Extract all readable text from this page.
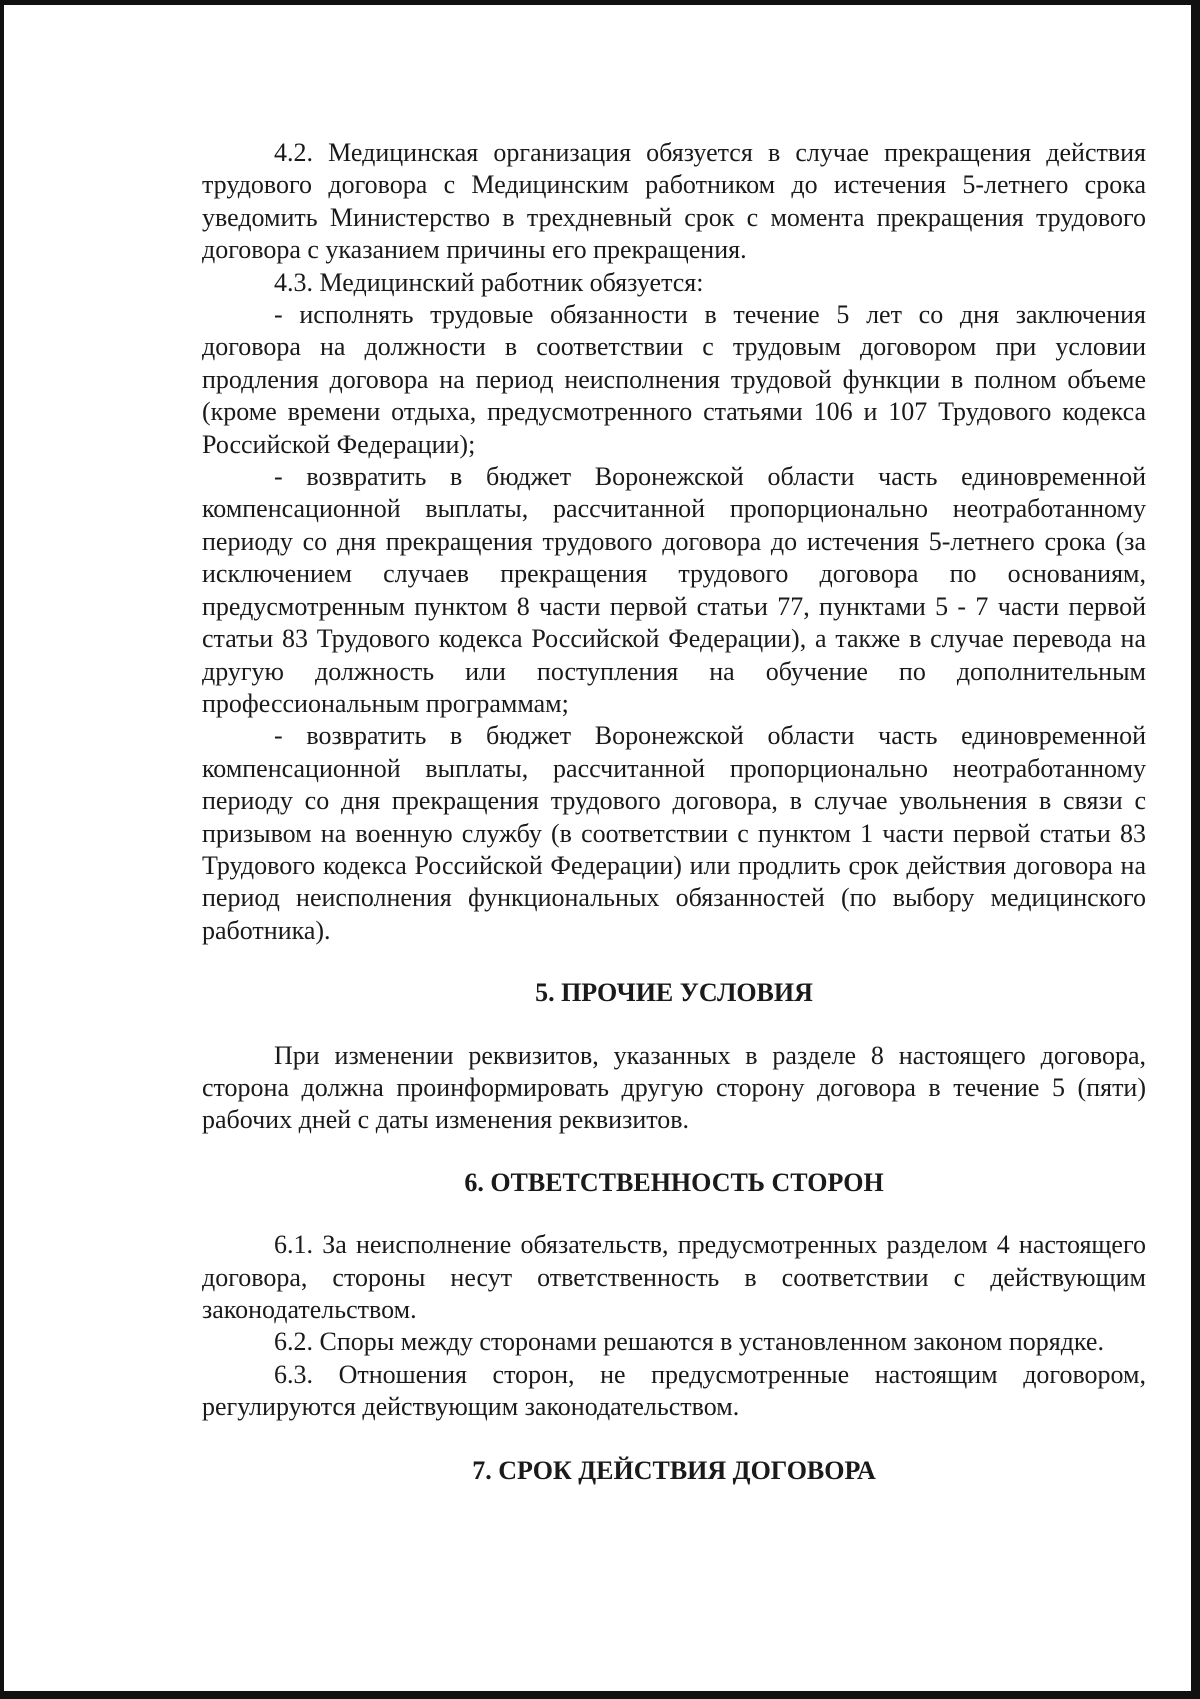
4.2. Медицинская организация обязуется в случае прекращения действия трудового договора с Медицинским работником до истечения 5-летнего срока уведомить Министерство в трехдневный срок с момента прекращения трудового договора с указанием причины его прекращения.

4.3. Медицинский работник обязуется:

- исполнять трудовые обязанности в течение 5 лет со дня заключения договора на должности в соответствии с трудовым договором при условии продления договора на период неисполнения трудовой функции в полном объеме (кроме времени отдыха, предусмотренного статьями 106 и 107 Трудового кодекса Российской Федерации);

- возвратить в бюджет Воронежской области часть единовременной компенсационной выплаты, рассчитанной пропорционально неотработанному периоду со дня прекращения трудового договора до истечения 5-летнего срока (за исключением случаев прекращения трудового договора по основаниям, предусмотренным пунктом 8 части первой статьи 77, пунктами 5 - 7 части первой статьи 83 Трудового кодекса Российской Федерации), а также в случае перевода на другую должность или поступления на обучение по дополнительным профессиональным программам;

- возвратить в бюджет Воронежской области часть единовременной компенсационной выплаты, рассчитанной пропорционально неотработанному периоду со дня прекращения трудового договора, в случае увольнения в связи с призывом на военную службу (в соответствии с пунктом 1 части первой статьи 83 Трудового кодекса Российской Федерации) или продлить срок действия договора на период неисполнения функциональных обязанностей (по выбору медицинского работника).

5. ПРОЧИЕ УСЛОВИЯ

При изменении реквизитов, указанных в разделе 8 настоящего договора, сторона должна проинформировать другую сторону договора в течение 5 (пяти) рабочих дней с даты изменения реквизитов.

6. ОТВЕТСТВЕННОСТЬ СТОРОН

6.1. За неисполнение обязательств, предусмотренных разделом 4 настоящего договора, стороны несут ответственность в соответствии с действующим законодательством.

6.2. Споры между сторонами решаются в установленном законом порядке.

6.3. Отношения сторон, не предусмотренные настоящим договором, регулируются действующим законодательством.

7. СРОК ДЕЙСТВИЯ ДОГОВОРА
